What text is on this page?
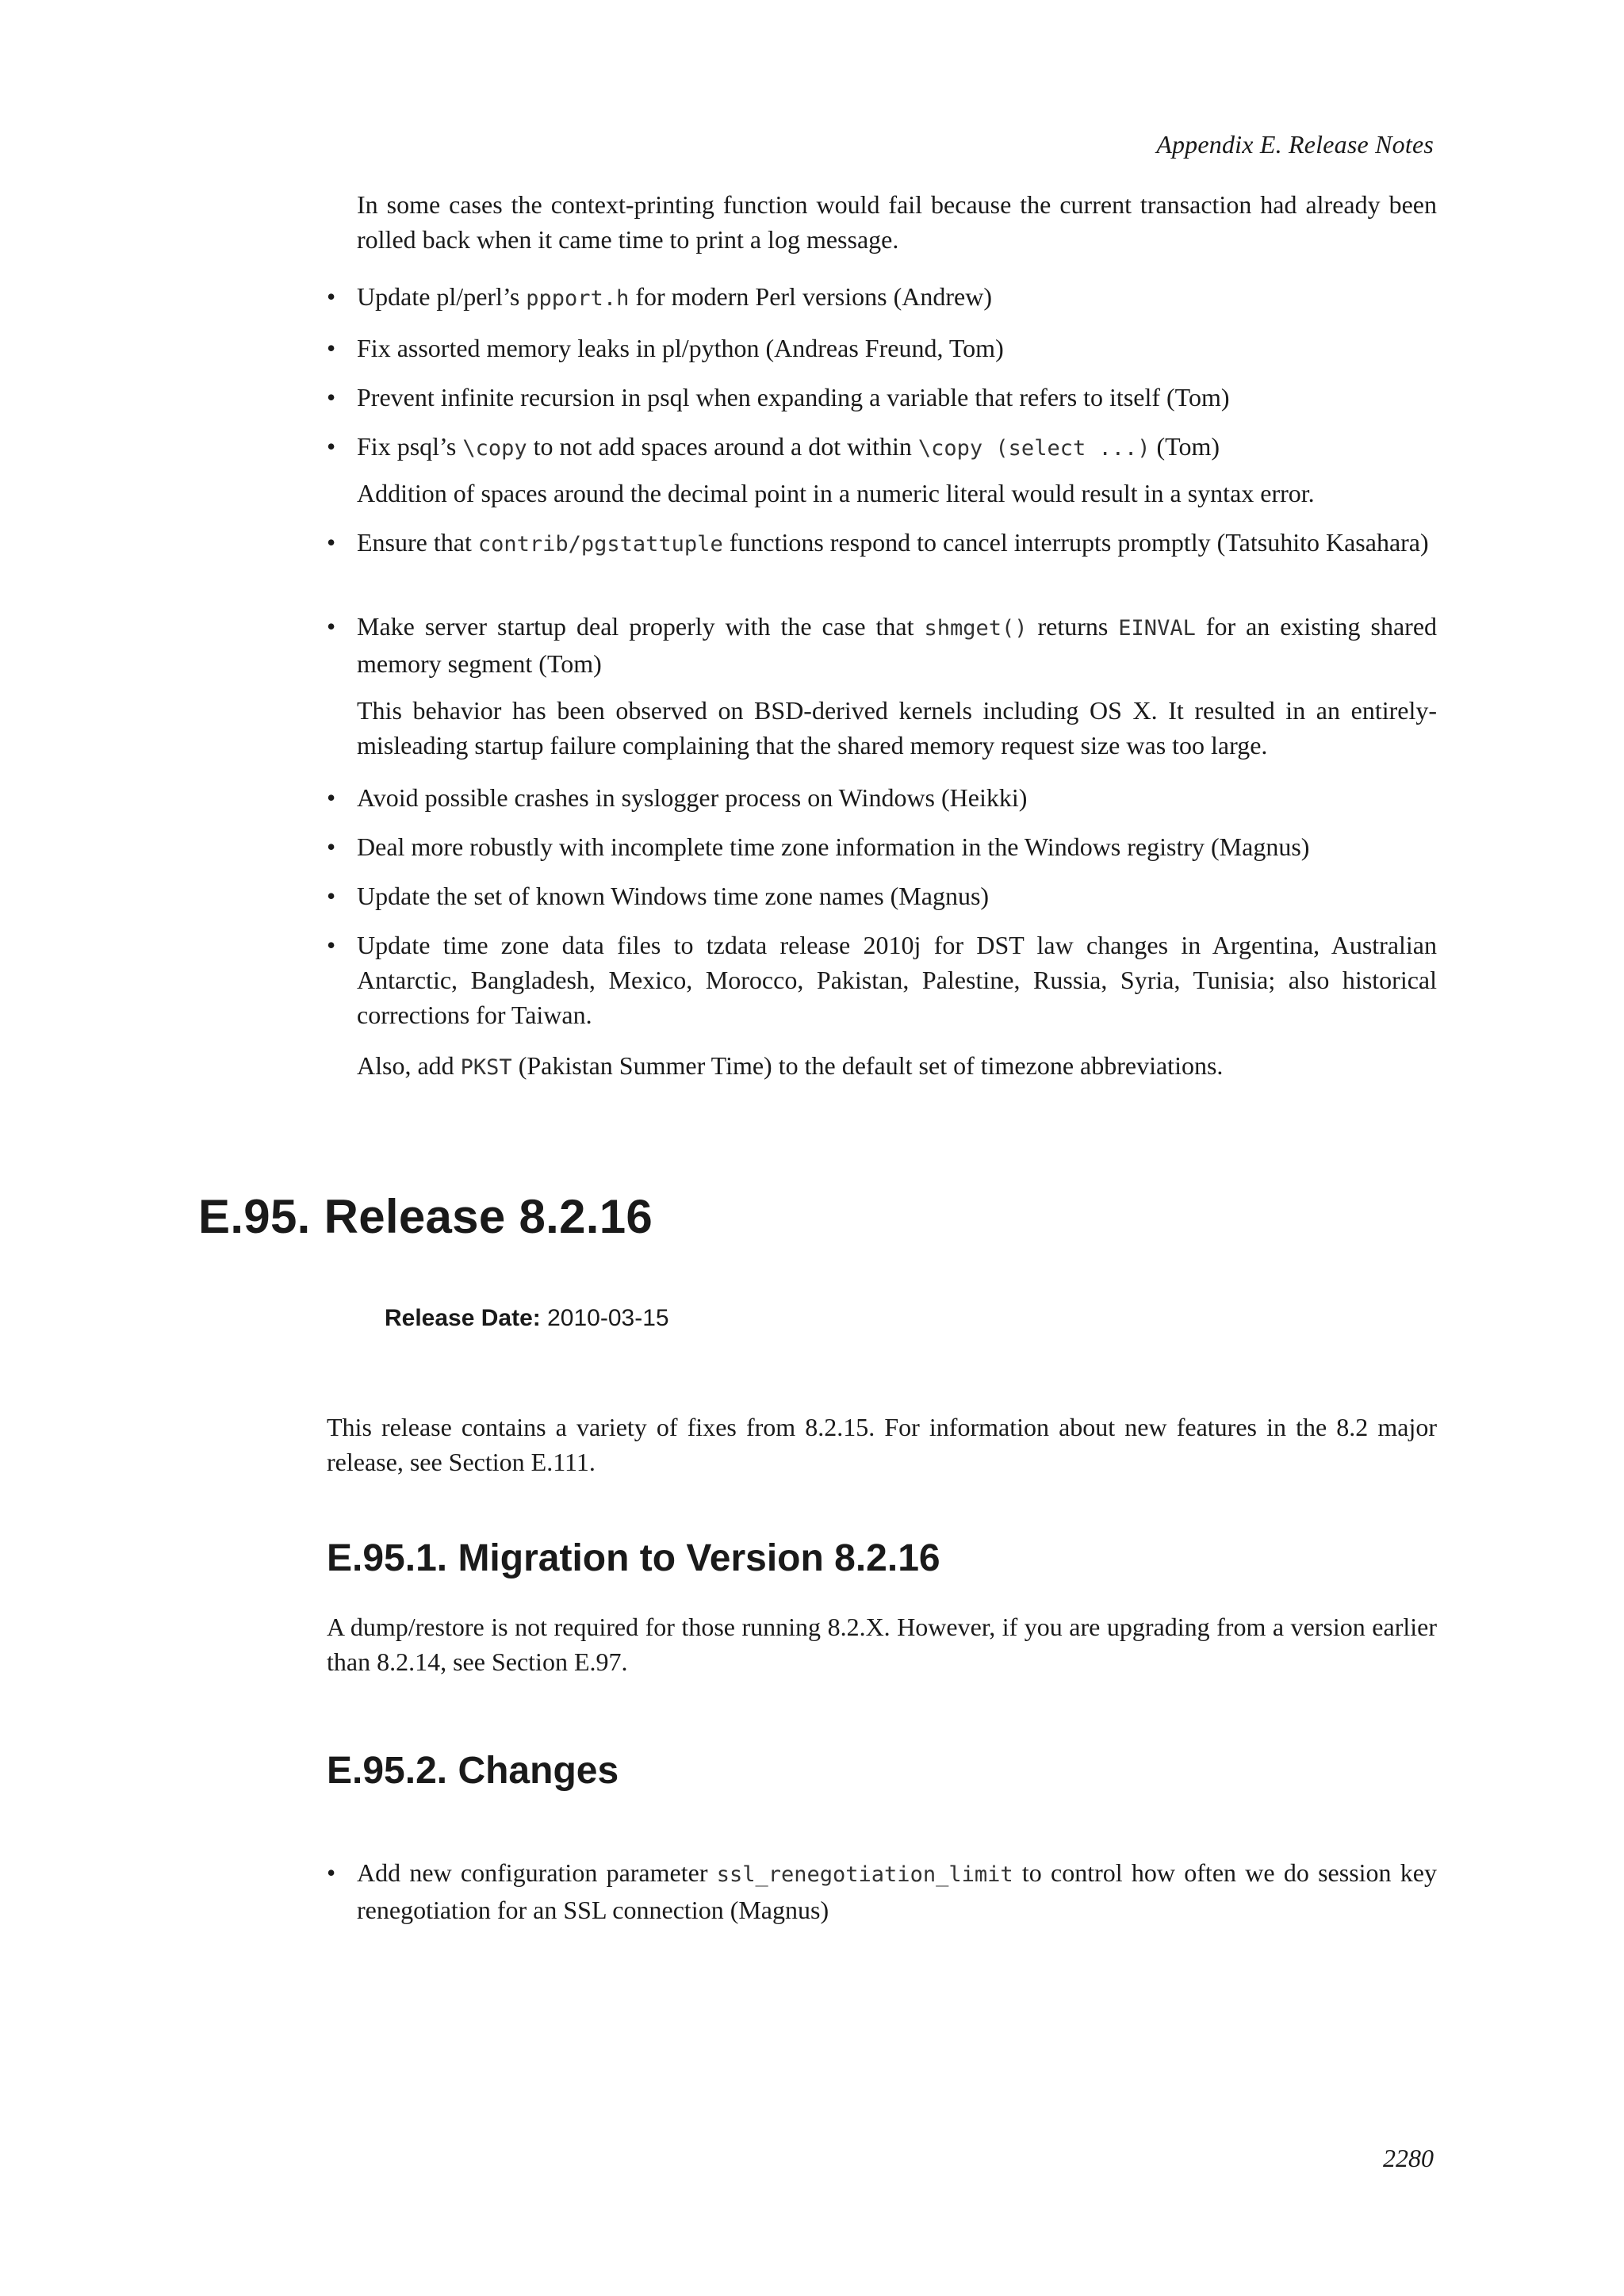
Appendix E. Release Notes
In some cases the context-printing function would fail because the current transaction had already been rolled back when it came time to print a log message.
• Update pl/perl’s ppport.h for modern Perl versions (Andrew)
• Fix assorted memory leaks in pl/python (Andreas Freund, Tom)
• Prevent infinite recursion in psql when expanding a variable that refers to itself (Tom)
• Fix psql’s \copy to not add spaces around a dot within \copy (select ...) (Tom)
Addition of spaces around the decimal point in a numeric literal would result in a syntax error.
• Ensure that contrib/pgstattuple functions respond to cancel interrupts promptly (Tatsuhito Kasahara)
• Make server startup deal properly with the case that shmget() returns EINVAL for an existing shared memory segment (Tom)
This behavior has been observed on BSD-derived kernels including OS X. It resulted in an entirely-misleading startup failure complaining that the shared memory request size was too large.
• Avoid possible crashes in syslogger process on Windows (Heikki)
• Deal more robustly with incomplete time zone information in the Windows registry (Magnus)
• Update the set of known Windows time zone names (Magnus)
• Update time zone data files to tzdata release 2010j for DST law changes in Argentina, Australian Antarctic, Bangladesh, Mexico, Morocco, Pakistan, Palestine, Russia, Syria, Tunisia; also historical corrections for Taiwan.
Also, add PKST (Pakistan Summer Time) to the default set of timezone abbreviations.
E.95. Release 8.2.16
Release Date: 2010-03-15
This release contains a variety of fixes from 8.2.15. For information about new features in the 8.2 major release, see Section E.111.
E.95.1. Migration to Version 8.2.16
A dump/restore is not required for those running 8.2.X. However, if you are upgrading from a version earlier than 8.2.14, see Section E.97.
E.95.2. Changes
• Add new configuration parameter ssl_renegotiation_limit to control how often we do session key renegotiation for an SSL connection (Magnus)
2280
